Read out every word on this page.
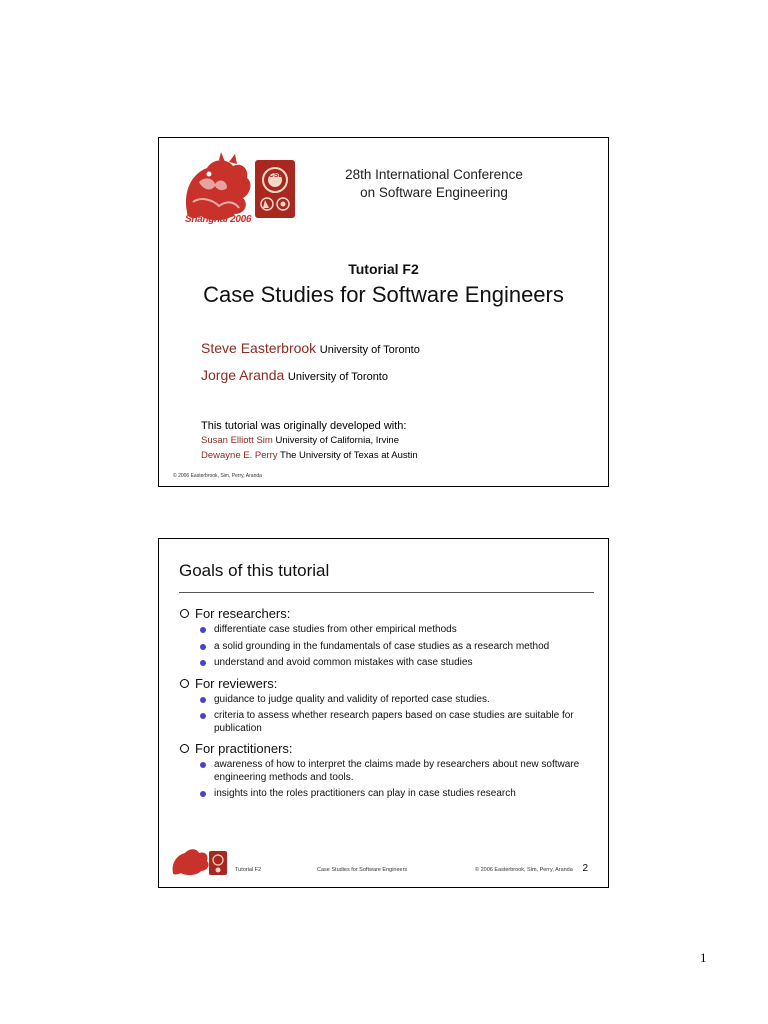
Shanghai 2006
ICSE	28th International Conference
on Software Engineering
Tutorial F2
Case Studies for Software Engineers
Steve Easterbrook University of Toronto
Jorge Aranda University of Toronto
This tutorial was originally developed with:
Susan Elliott Sim University of California, Irvine
Dewayne E. Perry The University of Texas at Austin
© 2006 Easterbrook, Sim, Perry, Aranda
Goals of this tutorial
For researchers:
differentiate case studies from other empirical methods
a solid grounding in the fundamentals of case studies as a research method
understand and avoid common mistakes with case studies
For reviewers:
guidance to judge quality and validity of reported case studies.
criteria to assess whether research papers based on case studies are suitable for publication
For practitioners:
awareness of how to interpret the claims made by researchers about new software engineering methods and tools.
insights into the roles practitioners can play in case studies research
Tutorial F2	Case Studies for Software Engineers	© 2006 Easterbrook, Sim, Perry, Aranda 2
1
